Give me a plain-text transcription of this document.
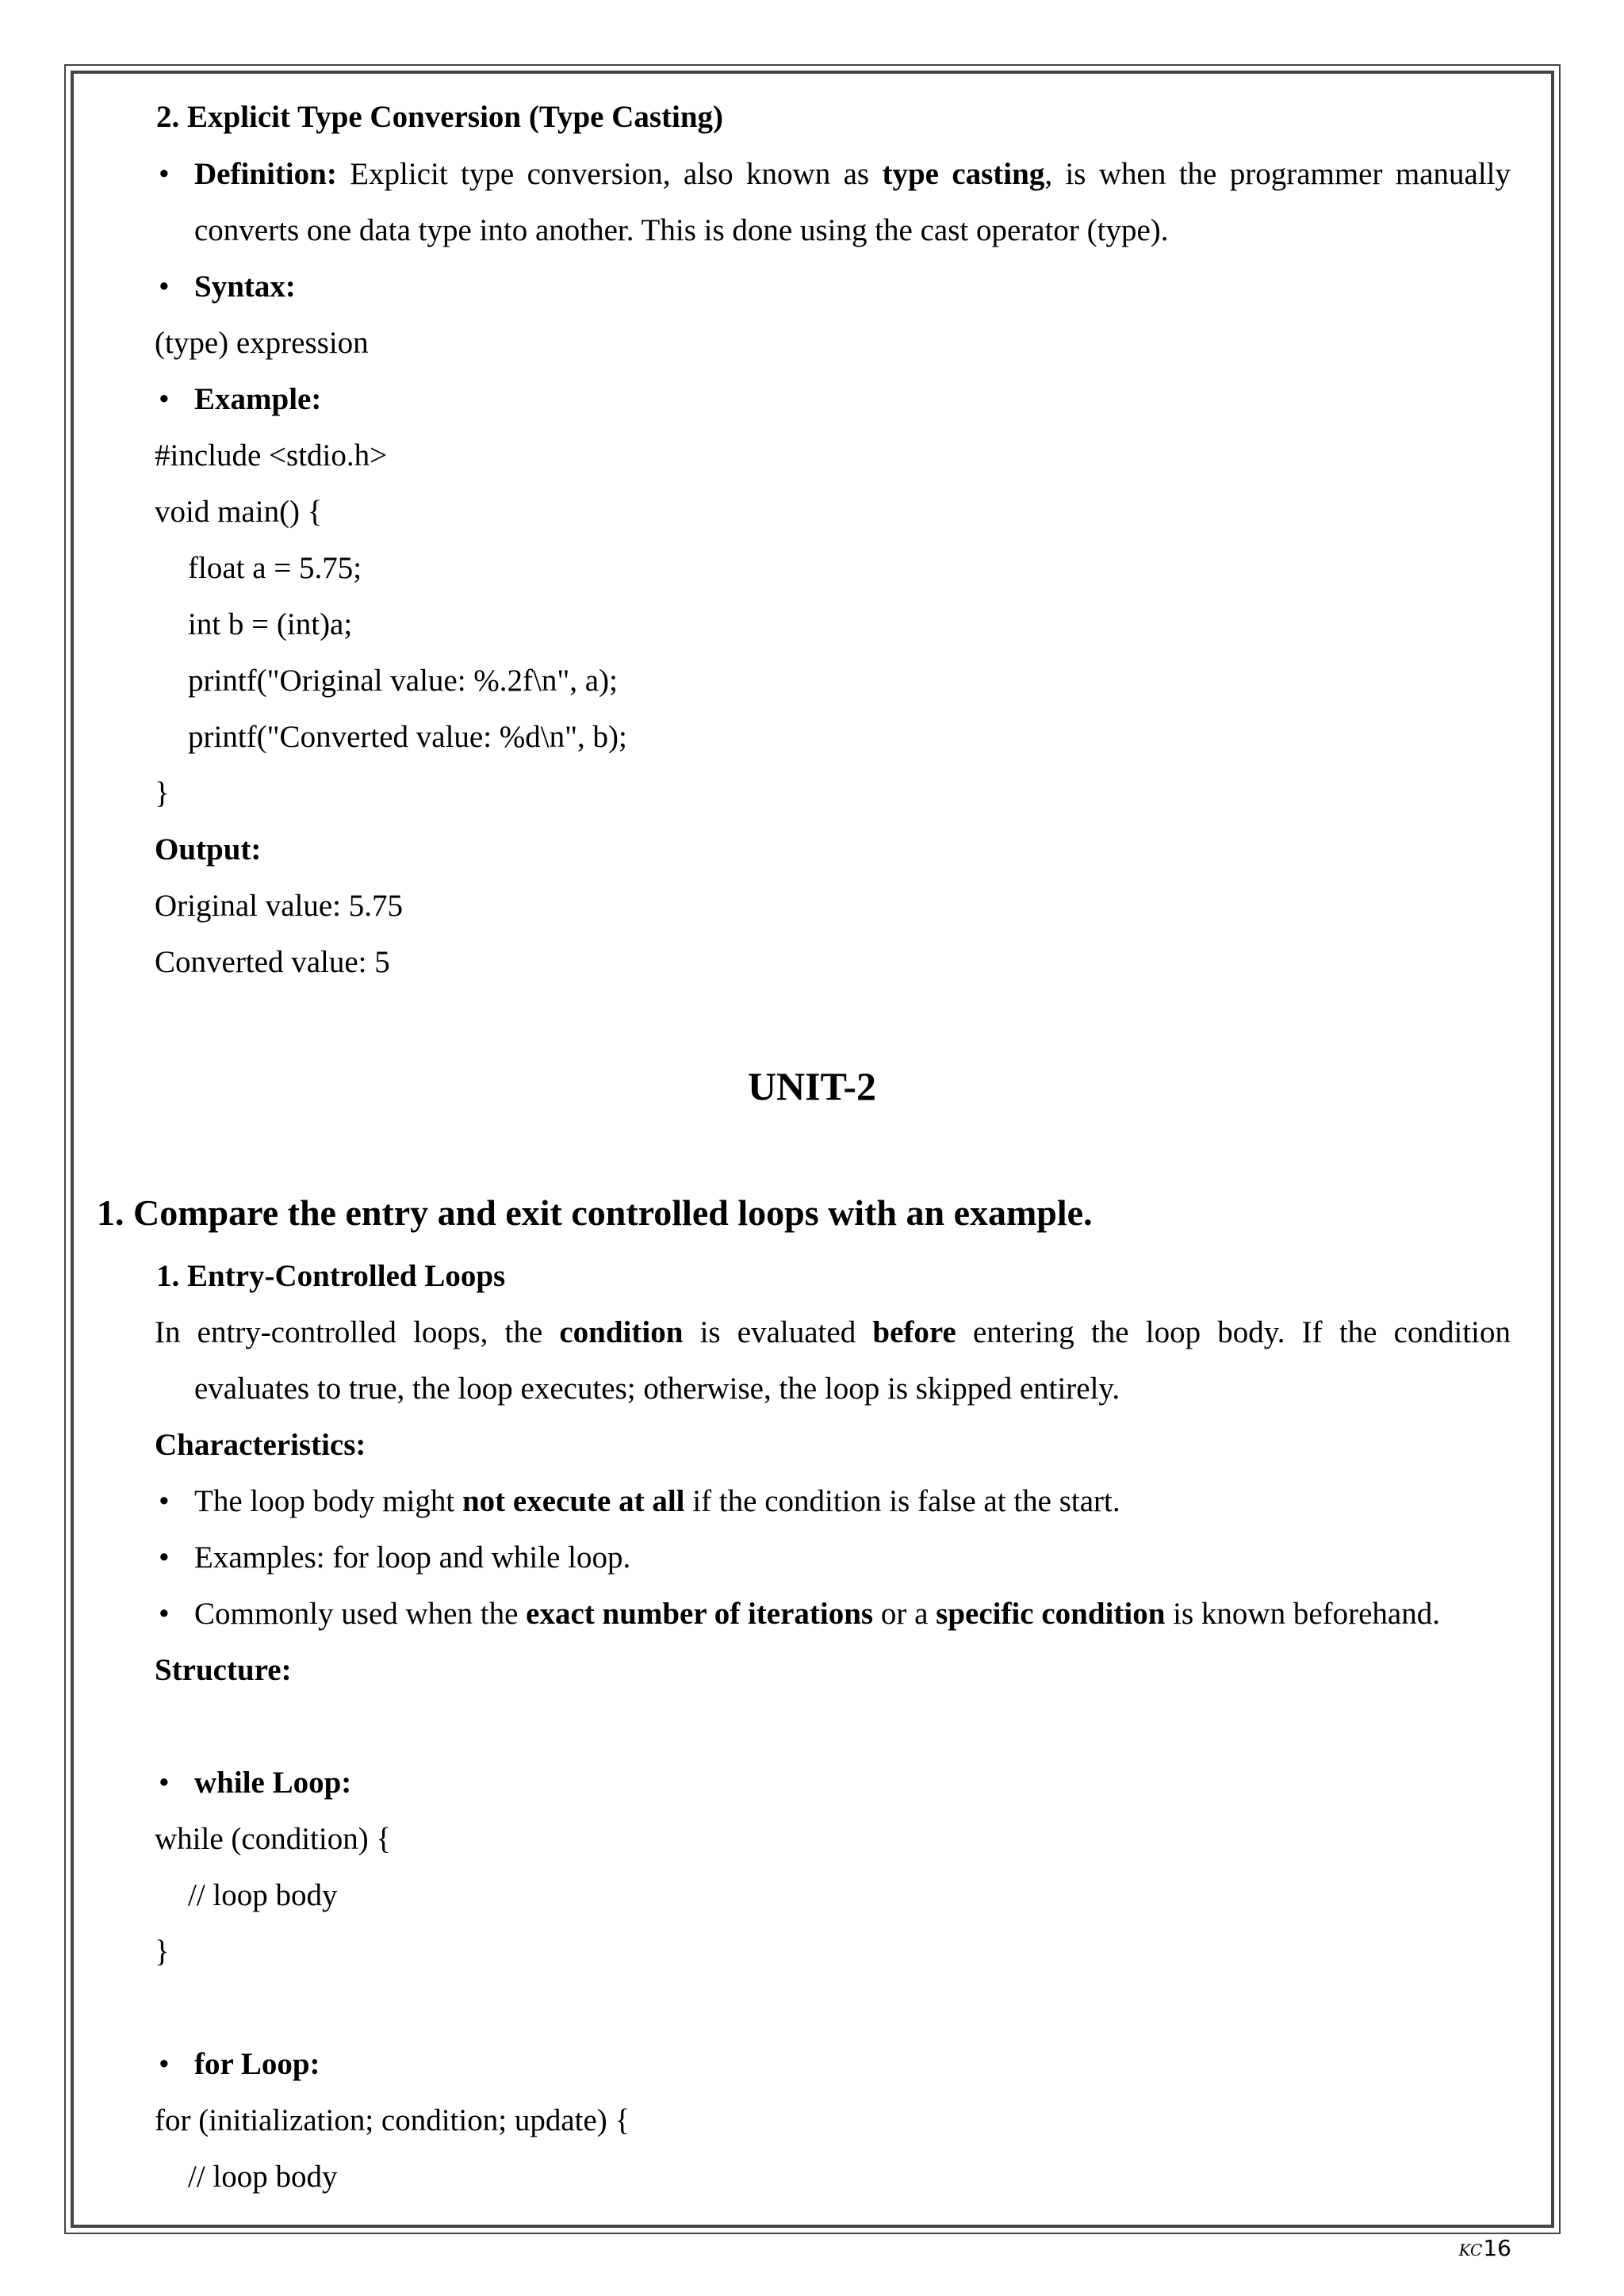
2. Explicit Type Conversion (Type Casting)
• Definition: Explicit type conversion, also known as type casting, is when the programmer manually
converts one data type into another. This is done using the cast operator (type).
• Syntax:
(type) expression
• Example:
#include <stdio.h>
void main() {
float a = 5.75;
int b = (int)a;
printf("Original value: %.2f\n", a);
printf("Converted value: %d\n", b);
}
Output:
Original value: 5.75
Converted value: 5
UNIT-2
1. Compare the entry and exit controlled loops with an example.
1. Entry-Controlled Loops
In entry-controlled loops, the condition is evaluated before entering the loop body. If the condition
evaluates to true, the loop executes; otherwise, the loop is skipped entirely.
Characteristics:
• The loop body might not execute at all if the condition is false at the start.
• Examples: for loop and while loop.
• Commonly used when the exact number of iterations or a specific condition is known beforehand.
Structure:
• while Loop:
while (condition) {
// loop body
}
• for Loop:
for (initialization; condition; update) {
// loop body
KC16
